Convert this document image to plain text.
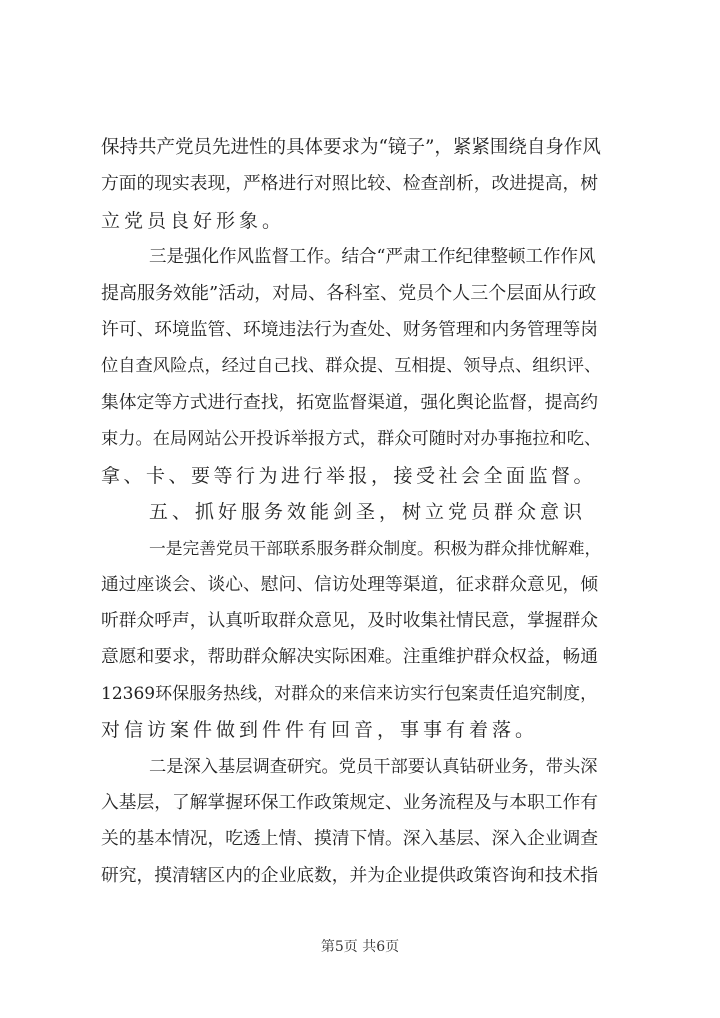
保持共产党员先进性的具体要求为“镜子”，紧紧围绕自身作风
方面的现实表现，严格进行对照比较、检查剖析，改进提高，树
立党员良好形象。
三是强化作风监督工作。结合“严肃工作纪律整顿工作作风
提高服务效能”活动，对局、各科室、党员个人三个层面从行政
许可、环境监管、环境违法行为查处、财务管理和内务管理等岗
位自查风险点，经过自己找、群众提、互相提、领导点、组织评、
集体定等方式进行查找，拓宽监督渠道，强化舆论监督，提高约
束力。在局网站公开投诉举报方式，群众可随时对办事拖拉和吃、
拿、卡、要等行为进行举报，接受社会全面监督。
五、抓好服务效能剑圣，树立党员群众意识
一是完善党员干部联系服务群众制度。积极为群众排忧解难，
通过座谈会、谈心、慰问、信访处理等渠道，征求群众意见，倾
听群众呼声，认真听取群众意见，及时收集社情民意，掌握群众
意愿和要求，帮助群众解决实际困难。注重维护群众权益，畅通
12369环保服务热线，对群众的来信来访实行包案责任追究制度，
对信访案件做到件件有回音，事事有着落。
二是深入基层调查研究。党员干部要认真钻研业务，带头深
入基层，了解掌握环保工作政策规定、业务流程及与本职工作有
关的基本情况，吃透上情、摸清下情。深入基层、深入企业调查
研究，摸清辖区内的企业底数，并为企业提供政策咨询和技术指
第5页 共6页
